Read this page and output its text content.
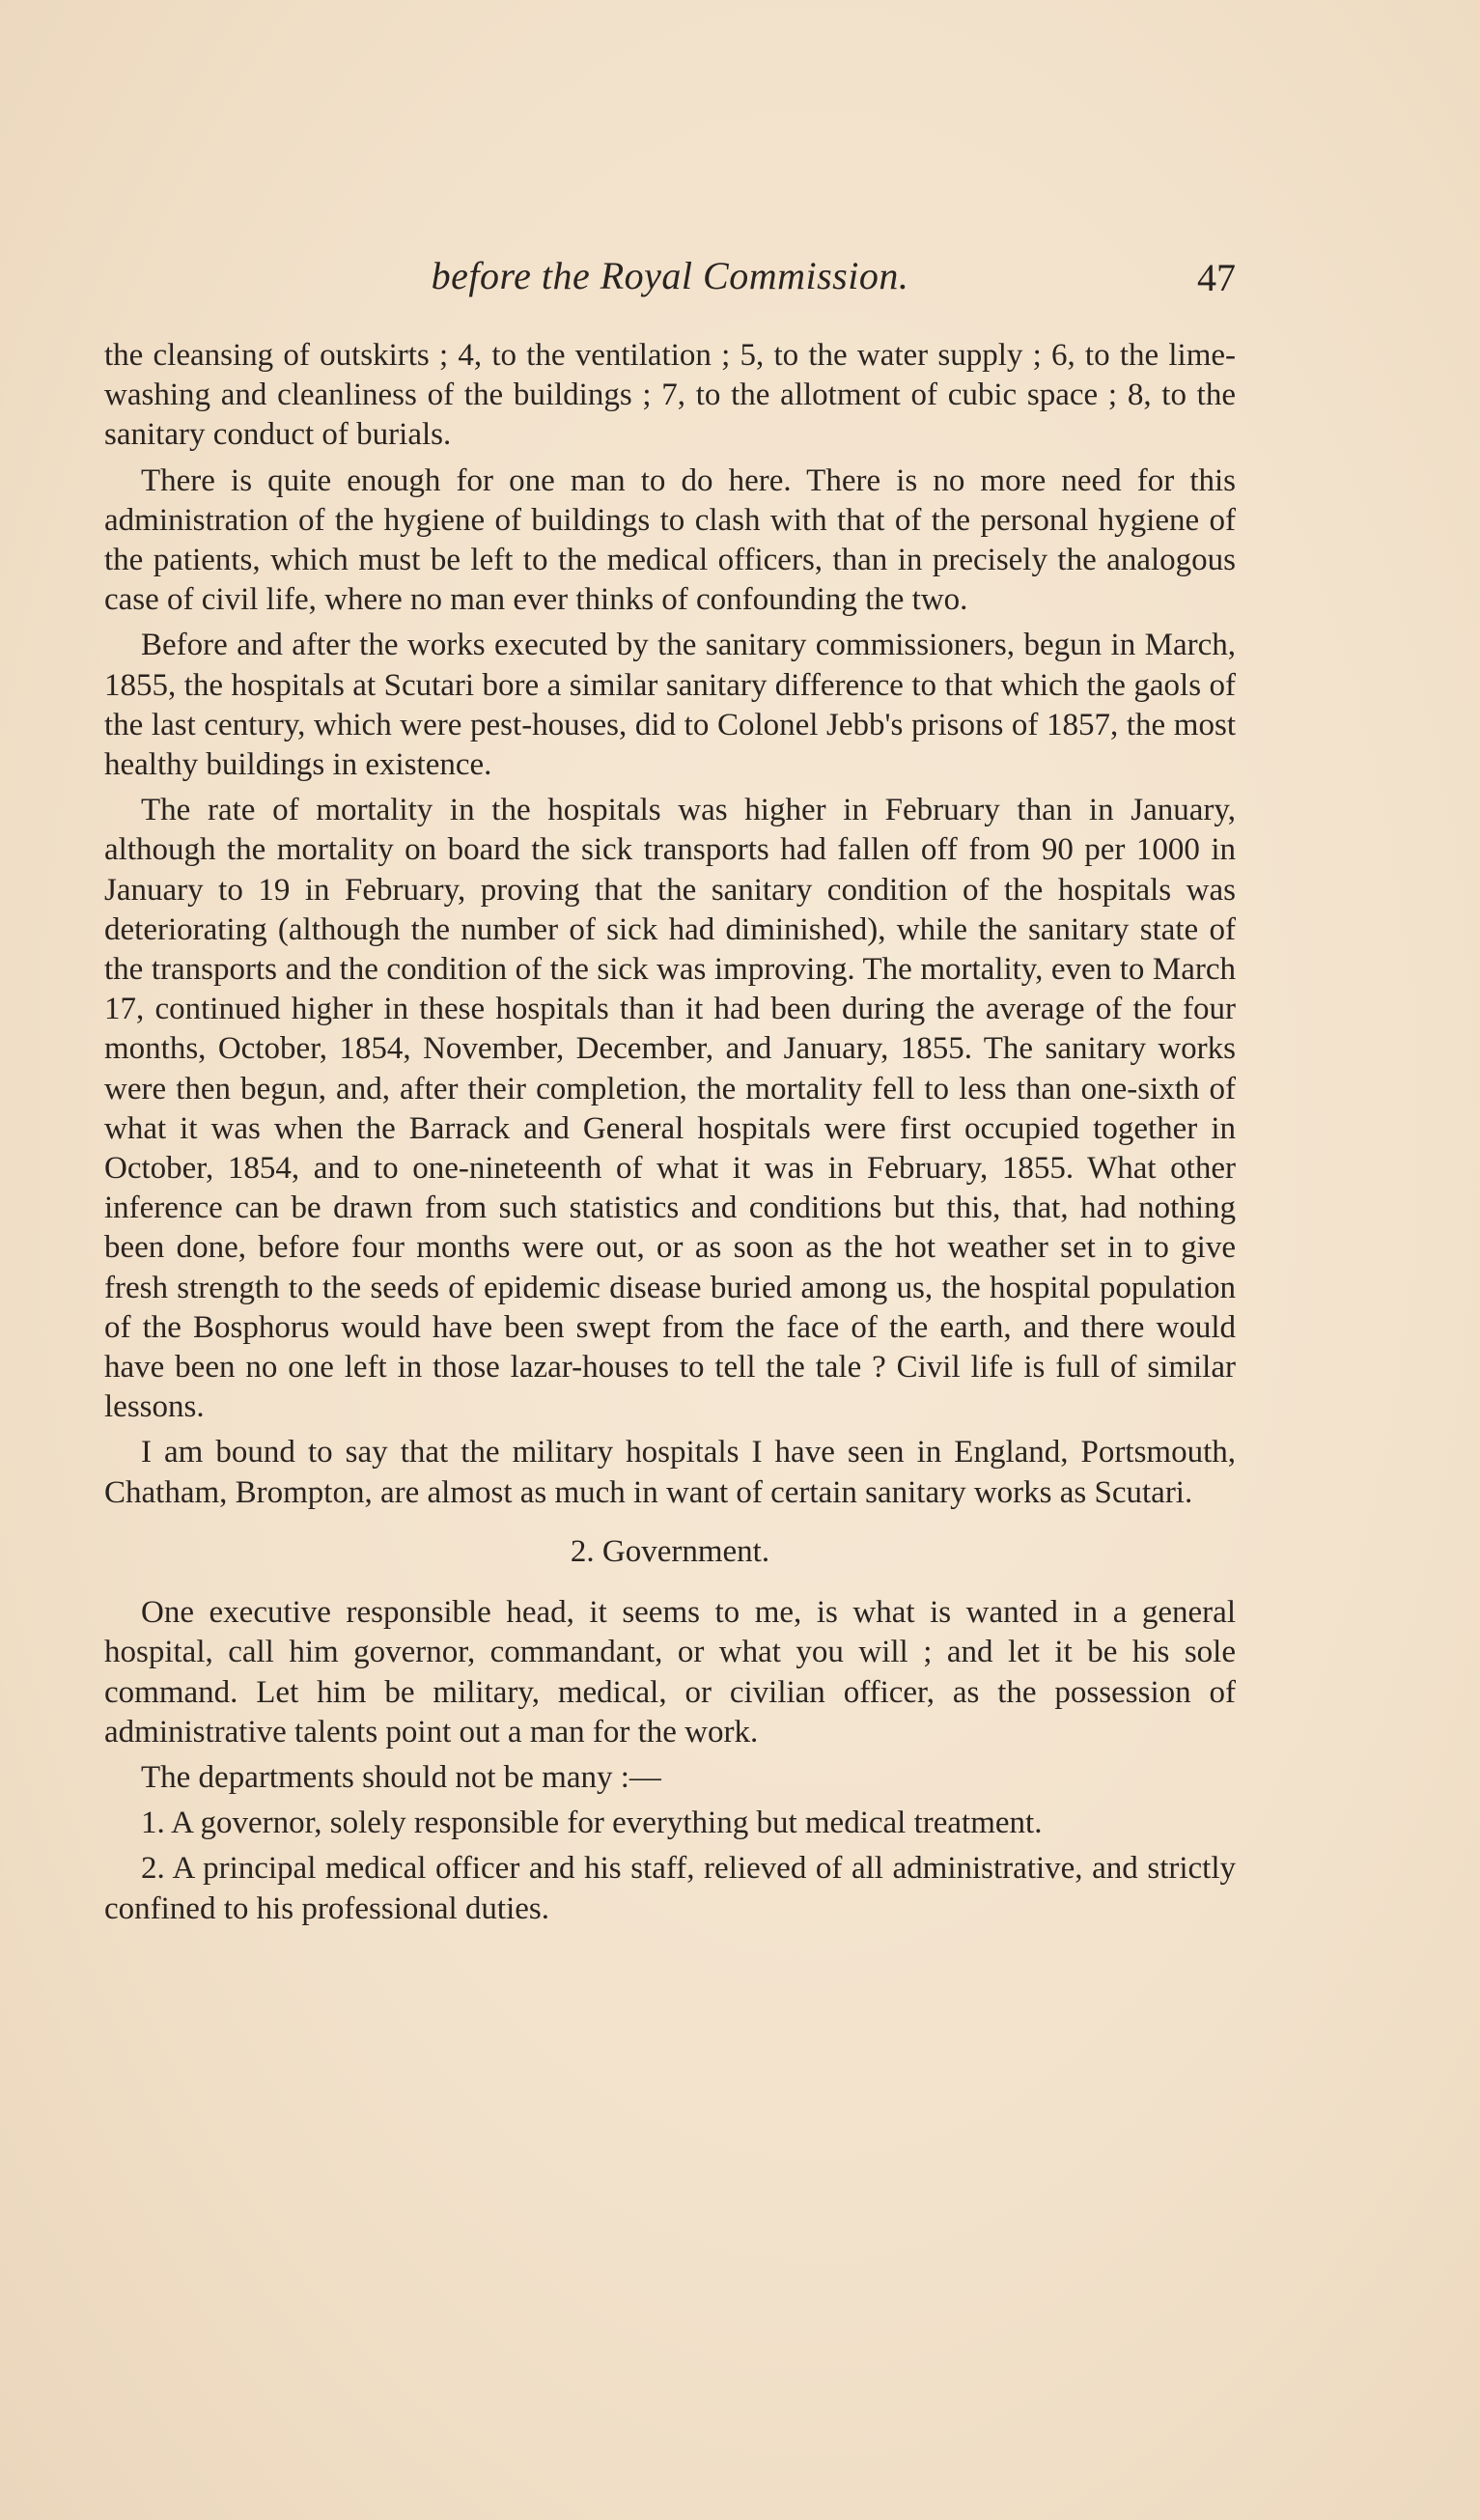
before the Royal Commission.	47

the cleansing of outskirts ; 4, to the ventilation ; 5, to the water supply ; 6, to the lime-washing and cleanliness of the buildings ; 7, to the allotment of cubic space ; 8, to the sanitary conduct of burials.

There is quite enough for one man to do here. There is no more need for this administration of the hygiene of buildings to clash with that of the personal hygiene of the patients, which must be left to the medical officers, than in precisely the analogous case of civil life, where no man ever thinks of confounding the two.

Before and after the works executed by the sanitary commissioners, begun in March, 1855, the hospitals at Scutari bore a similar sanitary difference to that which the gaols of the last century, which were pest-houses, did to Colonel Jebb's prisons of 1857, the most healthy buildings in existence.

The rate of mortality in the hospitals was higher in February than in January, although the mortality on board the sick transports had fallen off from 90 per 1000 in January to 19 in February, proving that the sanitary condition of the hospitals was deteriorating (although the number of sick had diminished), while the sanitary state of the transports and the condition of the sick was improving. The mortality, even to March 17, continued higher in these hospitals than it had been during the average of the four months, October, 1854, November, December, and January, 1855. The sanitary works were then begun, and, after their completion, the mortality fell to less than one-sixth of what it was when the Barrack and General hospitals were first occupied together in October, 1854, and to one-nineteenth of what it was in February, 1855. What other inference can be drawn from such statistics and conditions but this, that, had nothing been done, before four months were out, or as soon as the hot weather set in to give fresh strength to the seeds of epidemic disease buried among us, the hospital population of the Bosphorus would have been swept from the face of the earth, and there would have been no one left in those lazar-houses to tell the tale ? Civil life is full of similar lessons.

I am bound to say that the military hospitals I have seen in England, Portsmouth, Chatham, Brompton, are almost as much in want of certain sanitary works as Scutari.

2. Government.

One executive responsible head, it seems to me, is what is wanted in a general hospital, call him governor, commandant, or what you will ; and let it be his sole command. Let him be military, medical, or civilian officer, as the possession of administrative talents point out a man for the work.

The departments should not be many :—

1. A governor, solely responsible for everything but medical treatment.

2. A principal medical officer and his staff, relieved of all administrative, and strictly confined to his professional duties.
